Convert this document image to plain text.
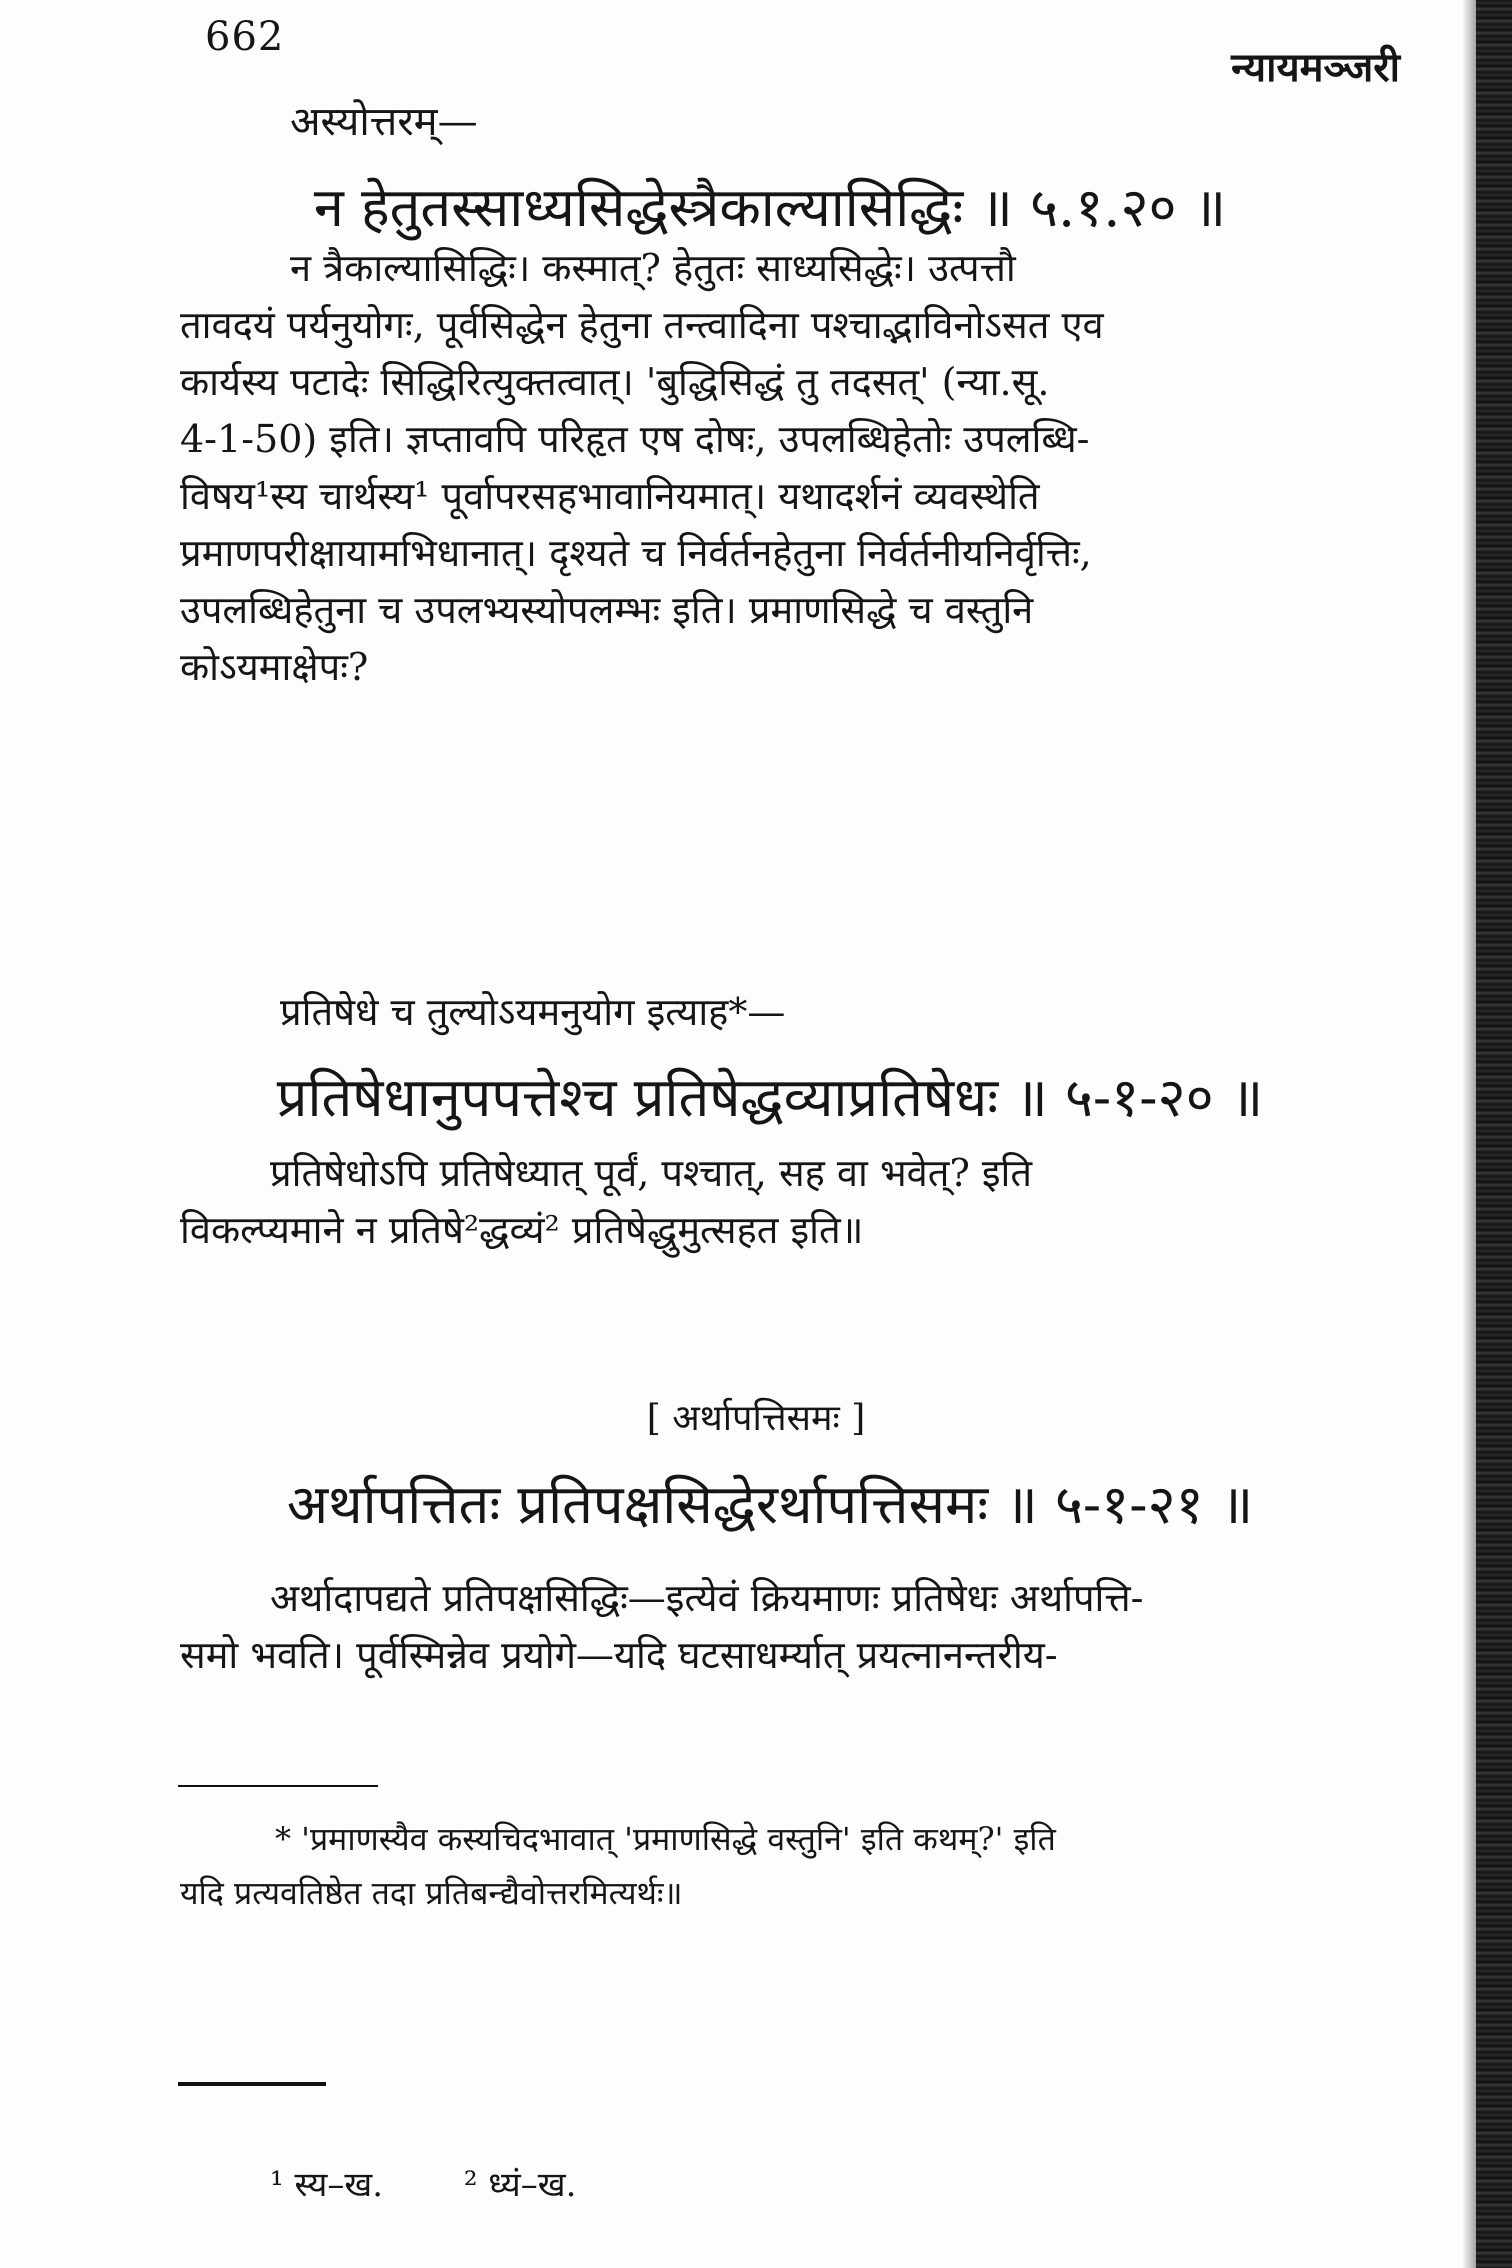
662
न्यायमञ्जरी
अस्योत्तरम्—
न हेतुतस्साध्यसिद्धेस्त्रैकाल्यासिद्धिः ॥ ५.१.२० ॥
न त्रैकाल्यासिद्धिः। कस्मात्? हेतुतः साध्यसिद्धेः। उत्पत्तौ
तावदयं पर्यनुयोगः, पूर्वसिद्धेन हेतुना तन्त्वादिना पश्चाद्भाविनोऽसत एव
कार्यस्य पटादेः सिद्धिरित्युक्तत्वात्। 'बुद्धिसिद्धं तु तदसत्' (न्या.सू.
4-1-50) इति। ज्ञप्तावपि परिहृत एष दोषः, उपलब्धिहेतोः उपलब्धि-
विषय¹स्य चार्थस्य¹ पूर्वापरसहभावानियमात्। यथादर्शनं व्यवस्थेति
प्रमाणपरीक्षायामभिधानात्। दृश्यते च निर्वर्तनहेतुना निर्वर्तनीयनिर्वृत्तिः,
उपलब्धिहेतुना च उपलभ्यस्योपलम्भः इति। प्रमाणसिद्धे च वस्तुनि
कोऽयमाक्षेपः?
प्रतिषेधे च तुल्योऽयमनुयोग इत्याह*—
प्रतिषेधानुपपत्तेश्च प्रतिषेद्धव्याप्रतिषेधः ॥ ५-१-२० ॥
प्रतिषेधोऽपि प्रतिषेध्यात् पूर्वं, पश्चात्, सह वा भवेत्? इति
विकल्प्यमाने न प्रतिषे²द्धव्यं² प्रतिषेद्धुमुत्सहत इति॥
[ अर्थापत्तिसमः ]
अर्थापत्तितः प्रतिपक्षसिद्धेरर्थापत्तिसमः ॥ ५-१-२१ ॥
अर्थादापद्यते प्रतिपक्षसिद्धिः—इत्येवं क्रियमाणः प्रतिषेधः अर्थापत्ति-
समो भवति। पूर्वस्मिन्नेव प्रयोगे—यदि घटसाधर्म्यात् प्रयत्नानन्तरीय-
* 'प्रमाणस्यैव कस्यचिदभावात् 'प्रमाणसिद्धे वस्तुनि' इति कथम्?' इति
यदि प्रत्यवतिष्ठेत तदा प्रतिबन्द्यैवोत्तरमित्यर्थः॥
¹ स्य–ख. ² ध्यं–ख.
